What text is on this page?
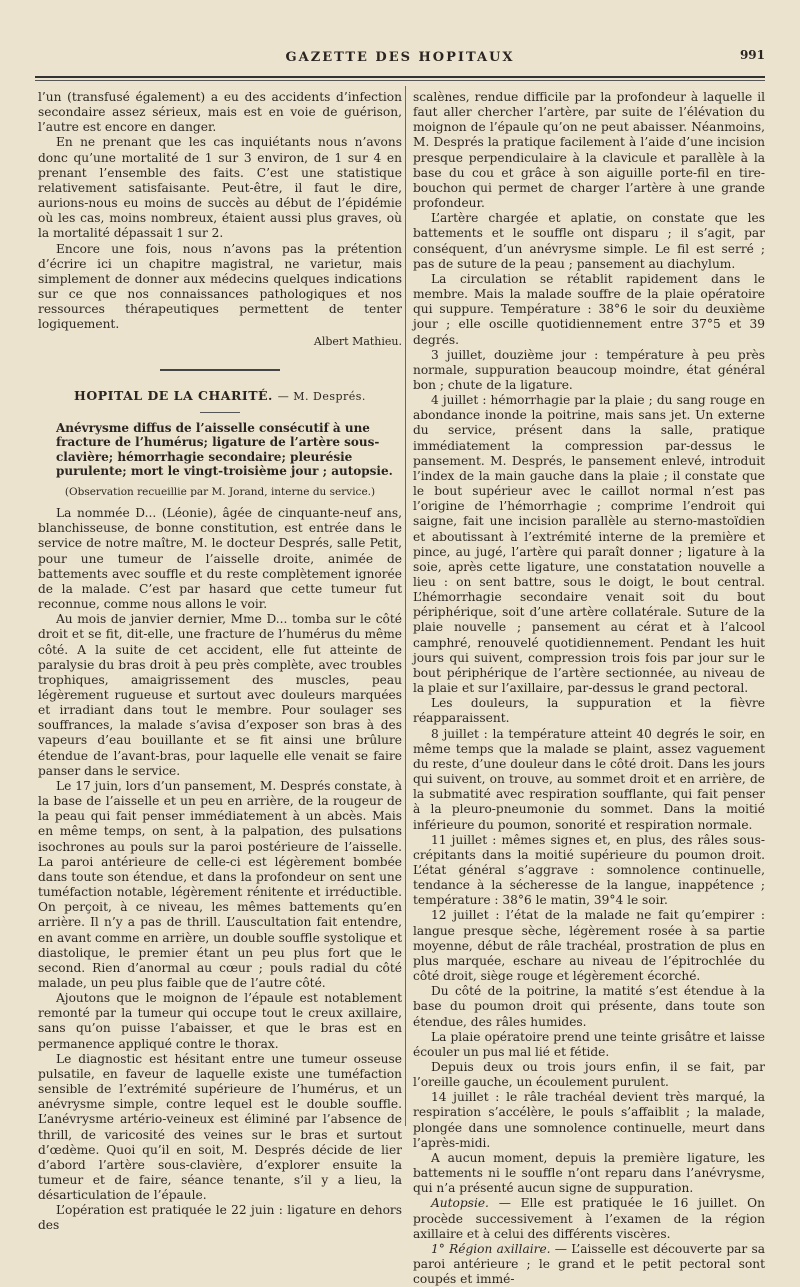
GAZETTE DES HOPITAUX	991

l’un (transfusé également) a eu des accidents d’infection secondaire assez sérieux, mais est en voie de guérison, l’autre est encore en danger.

En ne prenant que les cas inquiétants nous n’avons donc qu’une mortalité de 1 sur 3 environ, de 1 sur 4 en prenant l’ensemble des faits. C’est une statistique relativement satisfaisante. Peut-être, il faut le dire, aurions-nous eu moins de succès au début de l’épidémie où les cas, moins nombreux, étaient aussi plus graves, où la mortalité dépassait 1 sur 2.

Encore une fois, nous n’avons pas la prétention d’écrire ici un chapitre magistral, ne varietur, mais simplement de donner aux médecins quelques indications sur ce que nos connaissances pathologiques et nos ressources thérapeutiques permettent de tenter logiquement.

Albert Mathieu.
HOPITAL DE LA CHARITÉ. — M. Després.

Anévrysme diffus de l’aisselle consécutif à une fracture de l’humérus; ligature de l’artère sous-clavière; hémorrhagie secondaire; pleurésie purulente; mort le vingt-troisième jour ; autopsie.

(Observation recueillie par M. Jorand, interne du service.)

La nommée D... (Léonie), âgée de cinquante-neuf ans, blanchisseuse, de bonne constitution, est entrée dans le service de notre maître, M. le docteur Després, salle Petit, pour une tumeur de l’aisselle droite, animée de battements avec souffle et du reste complètement ignorée de la malade. C’est par hasard que cette tumeur fut reconnue, comme nous allons le voir.

Au mois de janvier dernier, Mme D... tomba sur le côté droit et se fit, dit-elle, une fracture de l’humérus du même côté. A la suite de cet accident, elle fut atteinte de paralysie du bras droit à peu près complète, avec troubles trophiques, amaigrissement des muscles, peau légèrement rugueuse et surtout avec douleurs marquées et irradiant dans tout le membre. Pour soulager ses souffrances, la malade s’avisa d’exposer son bras à des vapeurs d’eau bouillante et se fit ainsi une brûlure étendue de l’avant-bras, pour laquelle elle venait se faire panser dans le service.

Le 17 juin, lors d’un pansement, M. Després constate, à la base de l’aisselle et un peu en arrière, de la rougeur de la peau qui fait penser immédiatement à un abcès. Mais en même temps, on sent, à la palpation, des pulsations isochrones au pouls sur la paroi postérieure de l’aisselle. La paroi antérieure de celle-ci est légèrement bombée dans toute son étendue, et dans la profondeur on sent une tuméfaction notable, légèrement rénitente et irréductible. On perçoit, à ce niveau, les mêmes battements qu’en arrière. Il n’y a pas de thrill. L’auscultation fait entendre, en avant comme en arrière, un double souffle systolique et diastolique, le premier étant un peu plus fort que le second. Rien d’anormal au cœur ; pouls radial du côté malade, un peu plus faible que de l’autre côté.

Ajoutons que le moignon de l’épaule est notablement remonté par la tumeur qui occupe tout le creux axillaire, sans qu’on puisse l’abaisser, et que le bras est en permanence appliqué contre le thorax.

Le diagnostic est hésitant entre une tumeur osseuse pulsatile, en faveur de laquelle existe une tuméfaction sensible de l’extrémité supérieure de l’humérus, et un anévrysme simple, contre lequel est le double souffle. L’anévrysme artério-veineux est éliminé par l’absence de thrill, de varicosité des veines sur le bras et surtout d’œdème. Quoi qu’il en soit, M. Després décide de lier d’abord l’artère sous-clavière, d’explorer ensuite la tumeur et de faire, séance tenante, s’il y a lieu, la désarticulation de l’épaule.

L’opération est pratiquée le 22 juin : ligature en dehors des

scalènes, rendue difficile par la profondeur à laquelle il faut aller chercher l’artère, par suite de l’élévation du moignon de l’épaule qu’on ne peut abaisser. Néanmoins, M. Després la pratique facilement à l’aide d’une incision presque perpendiculaire à la clavicule et parallèle à la base du cou et grâce à son aiguille porte-fil en tire-bouchon qui permet de charger l’artère à une grande profondeur.

L’artère chargée et aplatie, on constate que les battements et le souffle ont disparu ; il s’agit, par conséquent, d’un anévrysme simple. Le fil est serré ; pas de suture de la peau ; pansement au diachylum.

La circulation se rétablit rapidement dans le membre. Mais la malade souffre de la plaie opératoire qui suppure. Température : 38°6 le soir du deuxième jour ; elle oscille quotidiennement entre 37°5 et 39 degrés.

3 juillet, douzième jour : température à peu près normale, suppuration beaucoup moindre, état général bon ; chute de la ligature.

4 juillet : hémorrhagie par la plaie ; du sang rouge en abondance inonde la poitrine, mais sans jet. Un externe du service, présent dans la salle, pratique immédiatement la compression par-dessus le pansement. M. Després, le pansement enlevé, introduit l’index de la main gauche dans la plaie ; il constate que le bout supérieur avec le caillot normal n’est pas l’origine de l’hémorrhagie ; comprime l’endroit qui saigne, fait une incision parallèle au sterno-mastoïdien et aboutissant à l’extrémité interne de la première et pince, au jugé, l’artère qui paraît donner ; ligature à la soie, après cette ligature, une constatation nouvelle a lieu : on sent battre, sous le doigt, le bout central. L’hémorrhagie secondaire venait soit du bout périphérique, soit d’une artère collatérale. Suture de la plaie nouvelle ; pansement au cérat et à l’alcool camphré, renouvelé quotidiennement. Pendant les huit jours qui suivent, compression trois fois par jour sur le bout périphérique de l’artère sectionnée, au niveau de la plaie et sur l’axillaire, par-dessus le grand pectoral.

Les douleurs, la suppuration et la fièvre réapparaissent.

8 juillet : la température atteint 40 degrés le soir, en même temps que la malade se plaint, assez vaguement du reste, d’une douleur dans le côté droit. Dans les jours qui suivent, on trouve, au sommet droit et en arrière, de la submatité avec respiration soufflante, qui fait penser à la pleuro-pneumonie du sommet. Dans la moitié inférieure du poumon, sonorité et respiration normale.

11 juillet : mêmes signes et, en plus, des râles sous-crépitants dans la moitié supérieure du poumon droit. L’état général s’aggrave : somnolence continuelle, tendance à la sécheresse de la langue, inappétence ; température : 38°6 le matin, 39°4 le soir.

12 juillet : l’état de la malade ne fait qu’empirer : langue presque sèche, légèrement rosée à sa partie moyenne, début de râle trachéal, prostration de plus en plus marquée, eschare au niveau de l’épitrochlée du côté droit, siège rouge et légèrement écorché.

Du côté de la poitrine, la matité s’est étendue à la base du poumon droit qui présente, dans toute son étendue, des râles humides.

La plaie opératoire prend une teinte grisâtre et laisse écouler un pus mal lié et fétide.

Depuis deux ou trois jours enfin, il se fait, par l’oreille gauche, un écoulement purulent.

14 juillet : le râle trachéal devient très marqué, la respiration s’accélère, le pouls s’affaiblit ; la malade, plongée dans une somnolence continuelle, meurt dans l’après-midi.

A aucun moment, depuis la première ligature, les battements ni le souffle n’ont reparu dans l’anévrysme, qui n’a présenté aucun signe de suppuration.

Autopsie. — Elle est pratiquée le 16 juillet. On procède successivement à l’examen de la région axillaire et à celui des différents viscères.

1° Région axillaire. — L’aisselle est découverte par sa paroi antérieure ; le grand et le petit pectoral sont coupés et immé-
